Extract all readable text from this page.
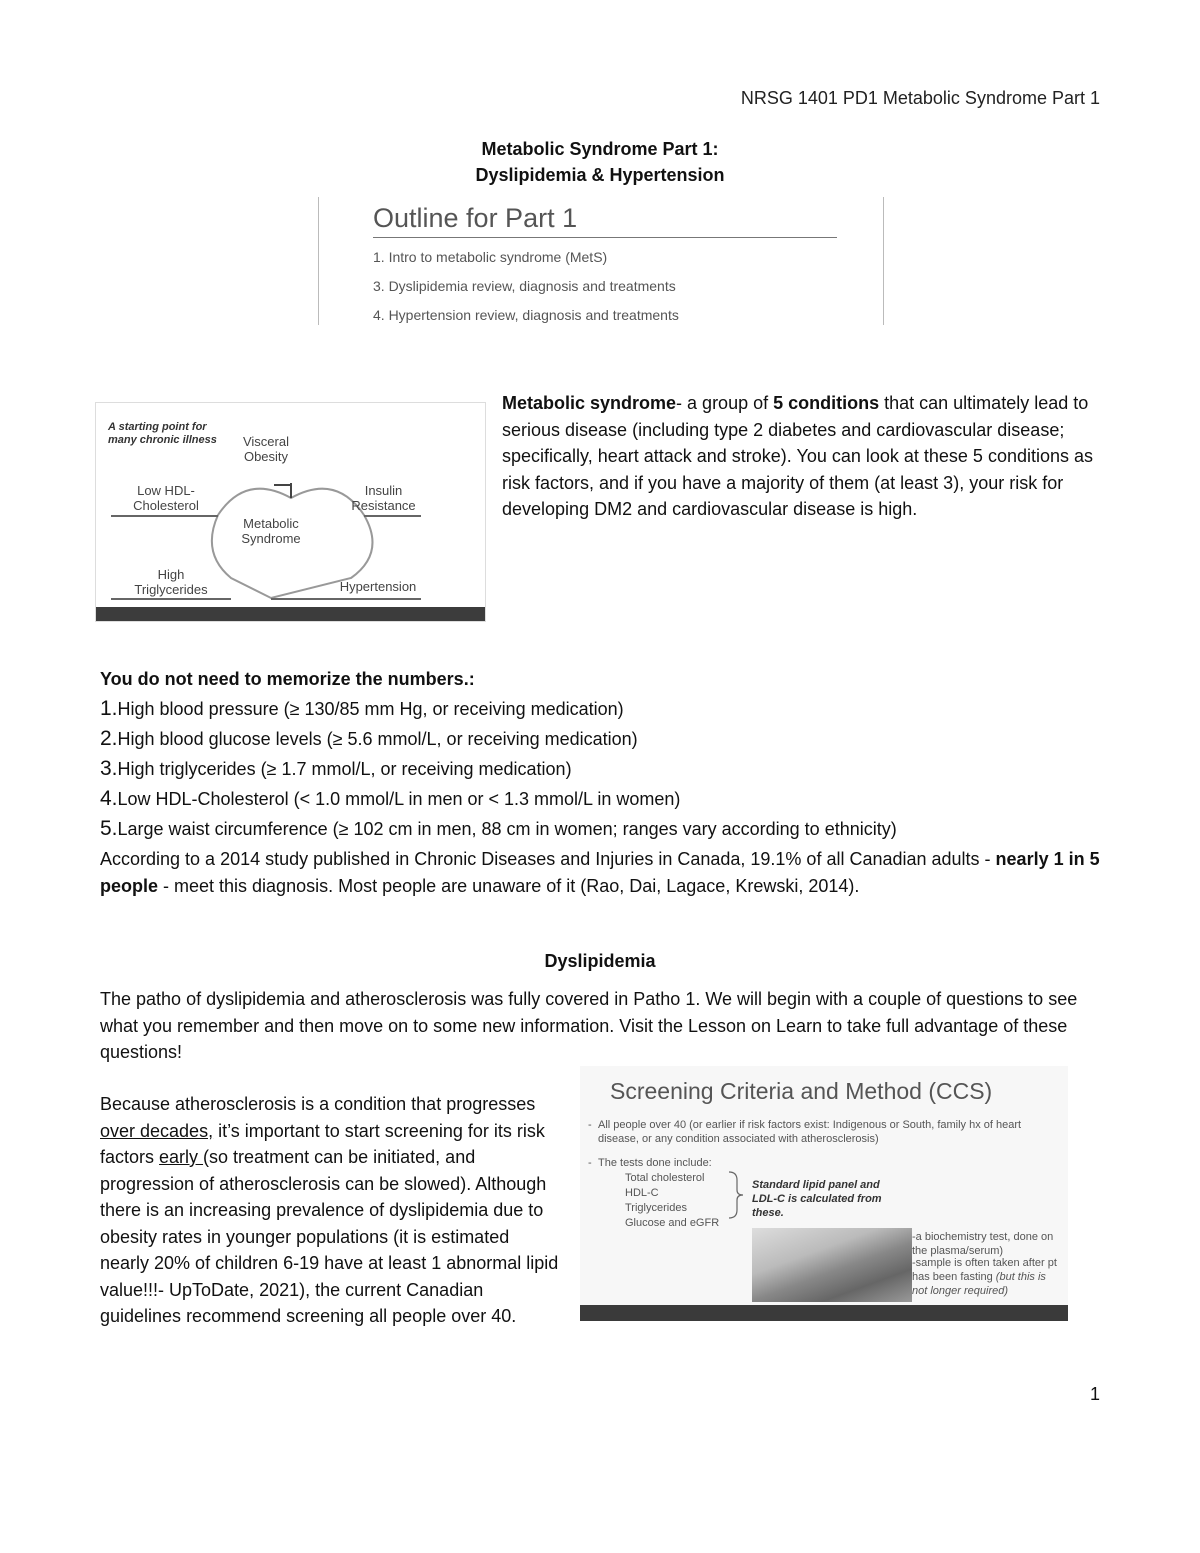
NRSG 1401 PD1 Metabolic Syndrome Part 1
Metabolic Syndrome Part 1:
Dyslipidemia & Hypertension
Outline for Part 1
1. Intro to metabolic syndrome (MetS)
3. Dyslipidemia review, diagnosis and treatments
4. Hypertension review, diagnosis and treatments
A starting point for many chronic illness	Visceral Obesity
Low HDL-Cholesterol
Insulin Resistance
Metabolic Syndrome
High Triglycerides	Hypertension
Metabolic syndrome- a group of 5 conditions that can ultimately lead to serious disease (including type 2 diabetes and cardiovascular disease; specifically, heart attack and stroke). You can look at these 5 conditions as risk factors, and if you have a majority of them (at least 3), your risk for developing DM2 and cardiovascular disease is high.
You do not need to memorize the numbers.:
1.High blood pressure (≥ 130/85 mm Hg, or receiving medication)
2.High blood glucose levels (≥ 5.6 mmol/L, or receiving medication)
3.High triglycerides (≥ 1.7 mmol/L, or receiving medication)
4.Low HDL-Cholesterol (< 1.0 mmol/L in men or < 1.3 mmol/L in women)
5.Large waist circumference (≥ 102 cm in men, 88 cm in women; ranges vary according to ethnicity)
According to a 2014 study published in Chronic Diseases and Injuries in Canada, 19.1% of all Canadian adults - nearly 1 in 5 people - meet this diagnosis. Most people are unaware of it (Rao, Dai, Lagace, Krewski, 2014).
Dyslipidemia
The patho of dyslipidemia and atherosclerosis was fully covered in Patho 1. We will begin with a couple of questions to see what you remember and then move on to some new information. Visit the Lesson on Learn to take full advantage of these questions!
Because atherosclerosis is a condition that progresses over decades, it’s important to start screening for its risk factors early (so treatment can be initiated, and progression of atherosclerosis can be slowed). Although there is an increasing prevalence of dyslipidemia due to obesity rates in younger populations (it is estimated nearly 20% of children 6-19 have at least 1 abnormal lipid value!!!- UpToDate, 2021), the current Canadian guidelines recommend screening all people over 40.
Screening Criteria and Method (CCS)
- All people over 40 (or earlier if risk factors exist: Indigenous or South, family hx of heart disease, or any condition associated with atherosclerosis)
- The tests done include:
Total cholesterol
HDL-C
Triglycerides
Glucose and eGFR
Standard lipid panel and LDL-C is calculated from these.
-a biochemistry test, done on the plasma/serum)
-sample is often taken after pt has been fasting (but this is not longer required)
1
